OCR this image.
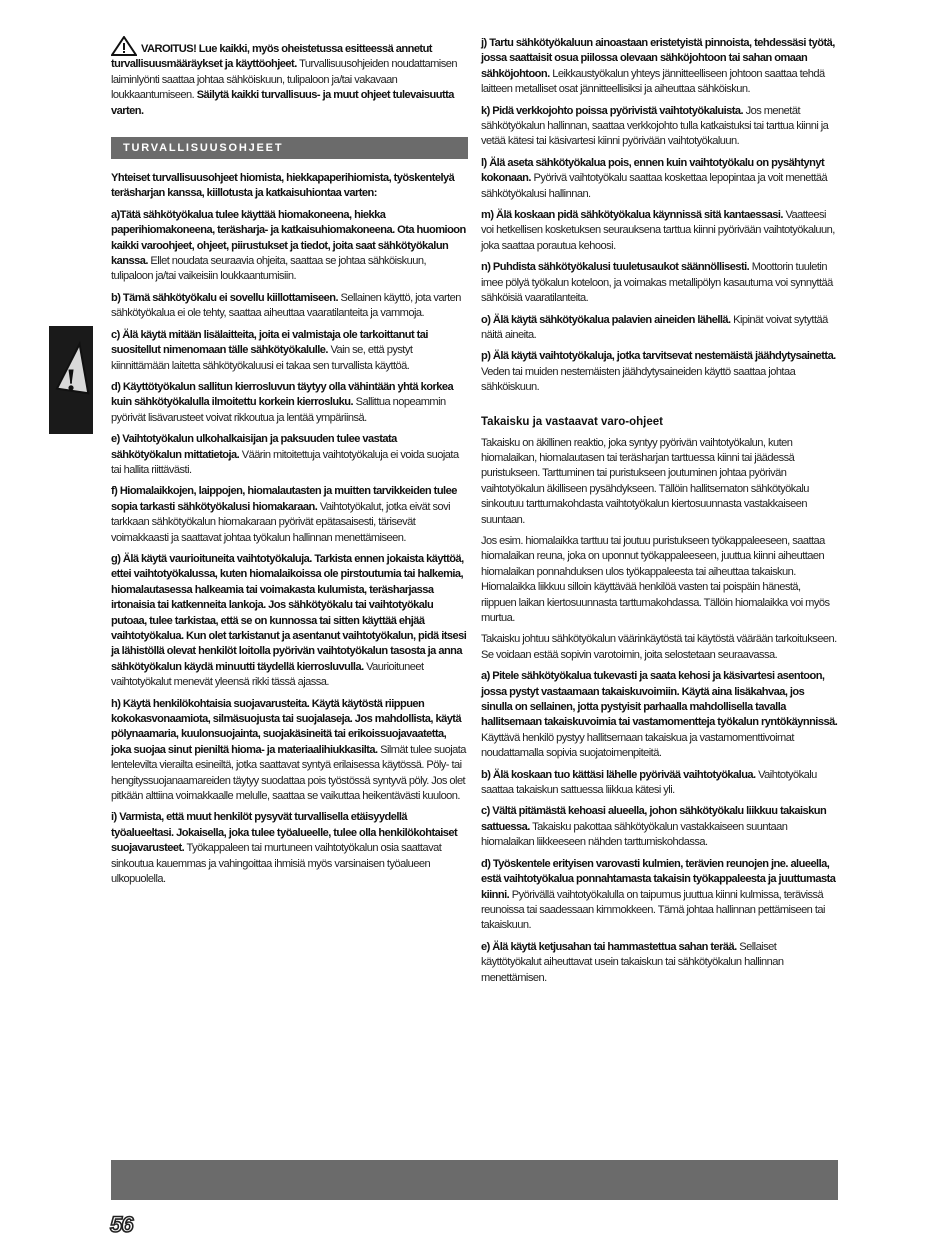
VAROITUS! Lue kaikki, myös oheistetussa esitteessä annetut turvallisuusmääräykset ja käyttöohjeet. Turvallisuusohjeiden noudattamisen laiminlyönti saattaa johtaa sähköiskuun, tulipaloon ja/tai vakavaan loukkaantumiseen. Säilytä kaikki turvallisuus- ja muut ohjeet tulevaisuutta varten.

TURVALLISUUSOHJEET

Yhteiset turvallisuusohjeet hiomista, hiekkapaperihiomista, työskentelyä teräsharjan kanssa, kiillotusta ja katkaisuhiontaa varten:

a)Tätä sähkötyökalua tulee käyttää hiomakoneena, hiekka paperihiomakoneena, teräsharja- ja katkaisuhiomakoneena. Ota huomioon kaikki varoohjeet, ohjeet, piirustukset ja tiedot, joita saat sähkötyökalun kanssa. Ellet noudata seuraavia ohjeita, saattaa se johtaa sähköiskuun, tulipaloon ja/tai vaikeisiin loukkaantumisiin.

b) Tämä sähkötyökalu ei sovellu kiillottamiseen. Sellainen käyttö, jota varten sähkötyökalua ei ole tehty, saattaa aiheuttaa vaaratilanteita ja vammoja.

c) Älä käytä mitään lisälaitteita, joita ei valmistaja ole tarkoittanut tai suositellut nimenomaan tälle sähkötyökalulle. Vain se, että pystyt kiinnittämään laitetta sähkötyökaluusi ei takaa sen turvallista käyttöä.

d) Käyttötyökalun sallitun kierrosluvun täytyy olla vähintään yhtä korkea kuin sähkötyökalulla ilmoitettu korkein kierrosluku. Sallittua nopeammin pyörivät lisävarusteet voivat rikkoutua ja lentää ympäriinsä.

e) Vaihtotyökalun ulkohalkaisijan ja paksuuden tulee vastata sähkötyökalun mittatietoja. Väärin mitoitettuja vaihtotyökaluja ei voida suojata tai hallita riittävästi.

f) Hiomalaikkojen, laippojen, hiomalautasten ja muitten tarvikkeiden tulee sopia tarkasti sähkötyökalusi hiomakaraan. Vaihtotyökalut, jotka eivät sovi tarkkaan sähkötyökalun hiomakaraan pyörivät epätasaisesti, tärisevät voimakkaasti ja saattavat johtaa työkalun hallinnan menettämiseen.

g) Älä käytä vaurioituneita vaihtotyökaluja. Tarkista ennen jokaista käyttöä, ettei vaihtotyökalussa, kuten hiomalaikoissa ole pirstoutumia tai halkemia, hiomalautasessa halkeamia tai voimakasta kulumista, teräsharjassa irtonaisia tai katkenneita lankoja. Jos sähkötyökalu tai vaihtotyökalu putoaa, tulee tarkistaa, että se on kunnossa tai sitten käyttää ehjää vaihtotyökalua. Kun olet tarkistanut ja asentanut vaihtotyökalun, pidä itsesi ja lähistöllä olevat henkilöt loitolla pyörivän vaihtotyökalun tasosta ja anna sähkötyökalun käydä minuutti täydellä kierrosluvulla. Vaurioituneet vaihtotyökalut menevät yleensä rikki tässä ajassa.

h) Käytä henkilökohtaisia suojavarusteita. Käytä käytöstä riippuen kokokasvonaamiota, silmäsuojusta tai suojalaseja. Jos mahdollista, käytä pölynaamaria, kuulonsuojainta, suojakäsineitä tai erikoissuojavaatetta, joka suojaa sinut pieniltä hioma- ja materiaalihiukkasilta. Silmät tulee suojata lentelevilta vierailta esineiltä, jotka saattavat syntyä erilaisessa käytössä. Pöly- tai hengityssuojanaamareiden täytyy suodattaa pois työstössä syntyvä pöly. Jos olet pitkään alttiina voimakkaalle melulle, saattaa se vaikuttaa heikentävästi kuuloon.

i) Varmista, että muut henkilöt pysyvät turvallisella etäisyydellä työalueeltasi. Jokaisella, joka tulee työalueelle, tulee olla henkilökohtaiset suojavarusteet. Työkappaleen tai murtuneen vaihtotyökalun osia saattavat sinkoutua kauemmas ja vahingoittaa ihmisiä myös varsinaisen työalueen ulkopuolella.

j) Tartu sähkötyökaluun ainoastaan eristetyistä pinnoista, tehdessäsi työtä, jossa saattaisit osua piilossa olevaan sähköjohtoon tai sahan omaan sähköjohtoon. Leikkaustyökalun yhteys jännitteelliseen johtoon saattaa tehdä laitteen metalliset osat jännitteellisiksi ja aiheuttaa sähköiskun.

k) Pidä verkkojohto poissa pyörivistä vaihtotyökaluista. Jos menetät sähkötyökalun hallinnan, saattaa verkkojohto tulla katkaistuksi tai tarttua kiinni ja vetää kätesi tai käsivartesi kiinni pyörivään vaihtotyökaluun.

l) Älä aseta sähkötyökalua pois, ennen kuin vaihtotyökalu on pysähtynyt kokonaan. Pyörivä vaihtotyökalu saattaa koskettaa lepopintaa ja voit menettää sähkötyökalusi hallinnan.

m) Älä koskaan pidä sähkötyökalua käynnissä sitä kantaessasi. Vaatteesi voi hetkellisen kosketuksen seurauksena tarttua kiinni pyörivään vaihtotyökaluun, joka saattaa porautua kehoosi.

n) Puhdista sähkötyökalusi tuuletusaukot säännöllisesti. Moottorin tuuletin imee pölyä työkalun koteloon, ja voimakas metallipölyn kasautuma voi synnyttää sähköisiä vaaratilanteita.

o) Älä käytä sähkötyökalua palavien aineiden lähellä. Kipinät voivat sytyttää näitä aineita.

p) Älä käytä vaihtotyökaluja, jotka tarvitsevat nestemäistä jäähdytysainetta. Veden tai muiden nestemäisten jäähdytysaineiden käyttö saattaa johtaa sähköiskuun.

Takaisku ja vastaavat varo-ohjeet

Takaisku on äkillinen reaktio, joka syntyy pyörivän vaihtotyökalun, kuten hiomalaikan, hiomalautasen tai teräsharjan tarttuessa kiinni tai jäädessä puristukseen. Tarttuminen tai puristukseen joutuminen johtaa pyörivän vaihtotyökalun äkilliseen pysähdykseen. Tällöin hallitsematon sähkötyökalu sinkoutuu tarttumakohdasta vaihtotyökalun kiertosuunnasta vastakkaiseen suuntaan.

Jos esim. hiomalaikka tarttuu tai joutuu puristukseen työkappaleeseen, saattaa hiomalaikan reuna, joka on uponnut työkappaleeseen, juuttua kiinni aiheuttaen hiomalaikan ponnahduksen ulos työkappaleesta tai aiheuttaa takaiskun. Hiomalaikka liikkuu silloin käyttävää henkilöä vasten tai poispäin hänestä, riippuen laikan kiertosuunnasta tarttumakohdassa. Tällöin hiomalaikka voi myös murtua.

Takaisku johtuu sähkötyökalun väärinkäytöstä tai käytöstä väärään tarkoitukseen. Se voidaan estää sopivin varotoimin, joita selostetaan seuraavassa.

a) Pitele sähkötyökalua tukevasti ja saata kehosi ja käsivartesi asentoon, jossa pystyt vastaamaan takaiskuvoimiin. Käytä aina lisäkahvaa, jos sinulla on sellainen, jotta pystyisit parhaalla mahdollisella tavalla hallitsemaan takaiskuvoimia tai vastamomentteja työkalun ryntökäynnissä. Käyttävä henkilö pystyy hallitsemaan takaiskua ja vastamomenttivoimat noudattamalla sopivia suojatoimenpiteitä.

b) Älä koskaan tuo kättäsi lähelle pyörivää vaihtotyökalua. Vaihtotyökalu saattaa takaiskun sattuessa liikkua kätesi yli.

c) Vältä pitämästä kehoasi alueella, johon sähkötyökalu liikkuu takaiskun sattuessa. Takaisku pakottaa sähkötyökalun vastakkaiseen suuntaan hiomalaikan liikkeeseen nähden tarttumiskohdassa.

d) Työskentele erityisen varovasti kulmien, terävien reunojen jne. alueella, estä vaihtotyökalua ponnahtamasta takaisin työkappaleesta ja juuttumasta kiinni. Pyörivällä vaihtotyökalulla on taipumus juuttua kiinni kulmissa, terävissä reunoissa tai saadessaan kimmokkeen. Tämä johtaa hallinnan pettämiseen tai takaiskuun.

e) Älä käytä ketjusahan tai hammastettua sahan terää. Sellaiset käyttötyökalut aiheuttavat usein takaiskun tai sähkötyökalun hallinnan menettämisen.

!
56
